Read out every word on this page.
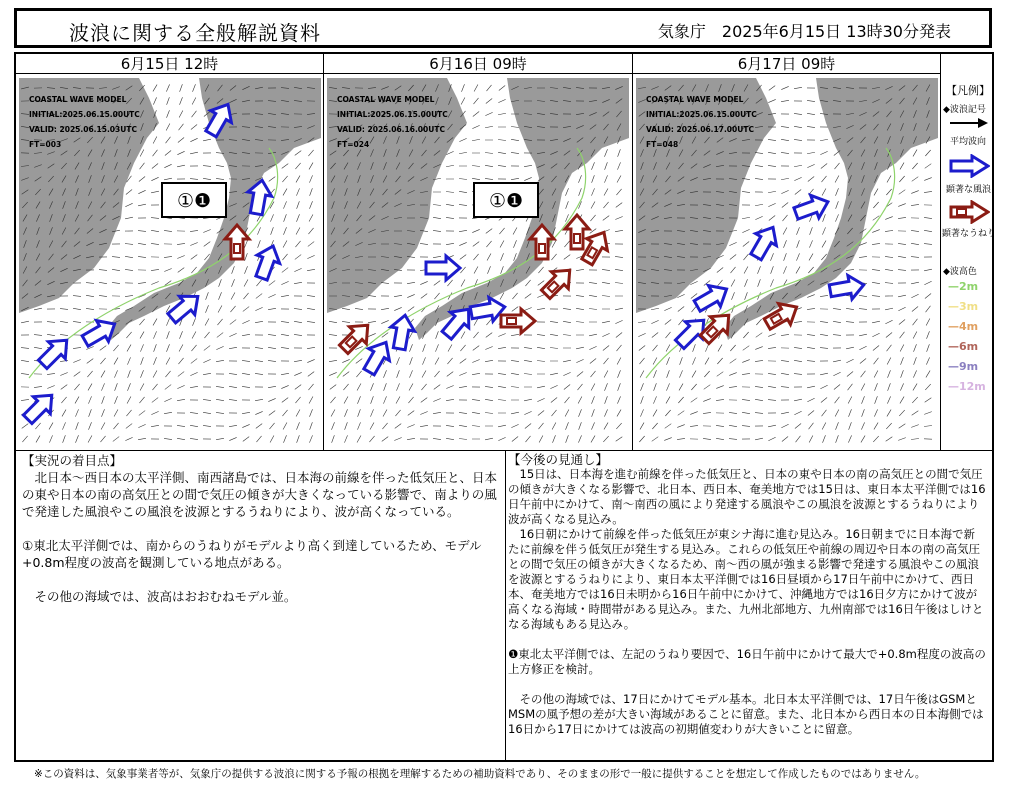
波浪に関する全般解説資料	気象庁　2025年6月15日 13時30分発表
6月15日 12時	6月16日 09時	6月17日 09時
COASTAL WAVE MODEL
INITIAL:2025.06.15.00UTC
VALID: 2025.06.15.03UTC
FT=003
①❶
COASTAL WAVE MODEL
INITIAL:2025.06.15.00UTC
VALID: 2025.06.16.00UTC
FT=024
①❶
COASTAL WAVE MODEL
INITIAL:2025.06.15.00UTC
VALID: 2025.06.17.00UTC
FT=048
【凡例】
◆波浪記号
平均波向
顕著な風浪
顕著なうねり
◆波高色
—2m
—3m
—4m
—6m
—9m
—12m
【実況の着目点】

北日本～西日本の太平洋側、南西諸島では、日本海の前線を伴った低気圧と、日本の東や日本の南の高気圧との間で気圧の傾きが大きくなっている影響で、南よりの風で発達した風浪やこの風浪を波源とするうねりにより、波が高くなっている。

①東北太平洋側では、南からのうねりがモデルより高く到達しているため、モデル+0.8m程度の波高を観測している地点がある。

その他の海域では、波高はおおむねモデル並。

【今後の見通し】

15日は、日本海を進む前線を伴った低気圧と、日本の東や日本の南の高気圧との間で気圧の傾きが大きくなる影響で、北日本、西日本、奄美地方では15日は、東日本太平洋側では16日午前中にかけて、南～南西の風により発達する風浪やこの風浪を波源とするうねりにより波が高くなる見込み。

16日朝にかけて前線を伴った低気圧が東シナ海に進む見込み。16日朝までに日本海で新たに前線を伴う低気圧が発生する見込み。これらの低気圧や前線の周辺や日本の南の高気圧との間で気圧の傾きが大きくなるため、南～西の風が強まる影響で発達する風浪やこの風浪を波源とするうねりにより、東日本太平洋側では16日昼頃から17日午前中にかけて、西日本、奄美地方では16日未明から16日午前中にかけて、沖縄地方では16日夕方にかけて波が高くなる海域・時間帯がある見込み。また、九州北部地方、九州南部では16日午後はしけとなる海域もある見込み。

❶東北太平洋側では、左記のうねり要因で、16日午前中にかけて最大で+0.8m程度の波高の上方修正を検討。

その他の海域では、17日にかけてモデル基本。北日本太平洋側では、17日午後はGSMとMSMの風予想の差が大きい海域があることに留意。また、北日本から西日本の日本海側では16日から17日にかけては波高の初期値変わりが大きいことに留意。

※この資料は、気象事業者等が、気象庁の提供する波浪に関する予報の根拠を理解するための補助資料であり、そのままの形で一般に提供することを想定して作成したものではありません。
